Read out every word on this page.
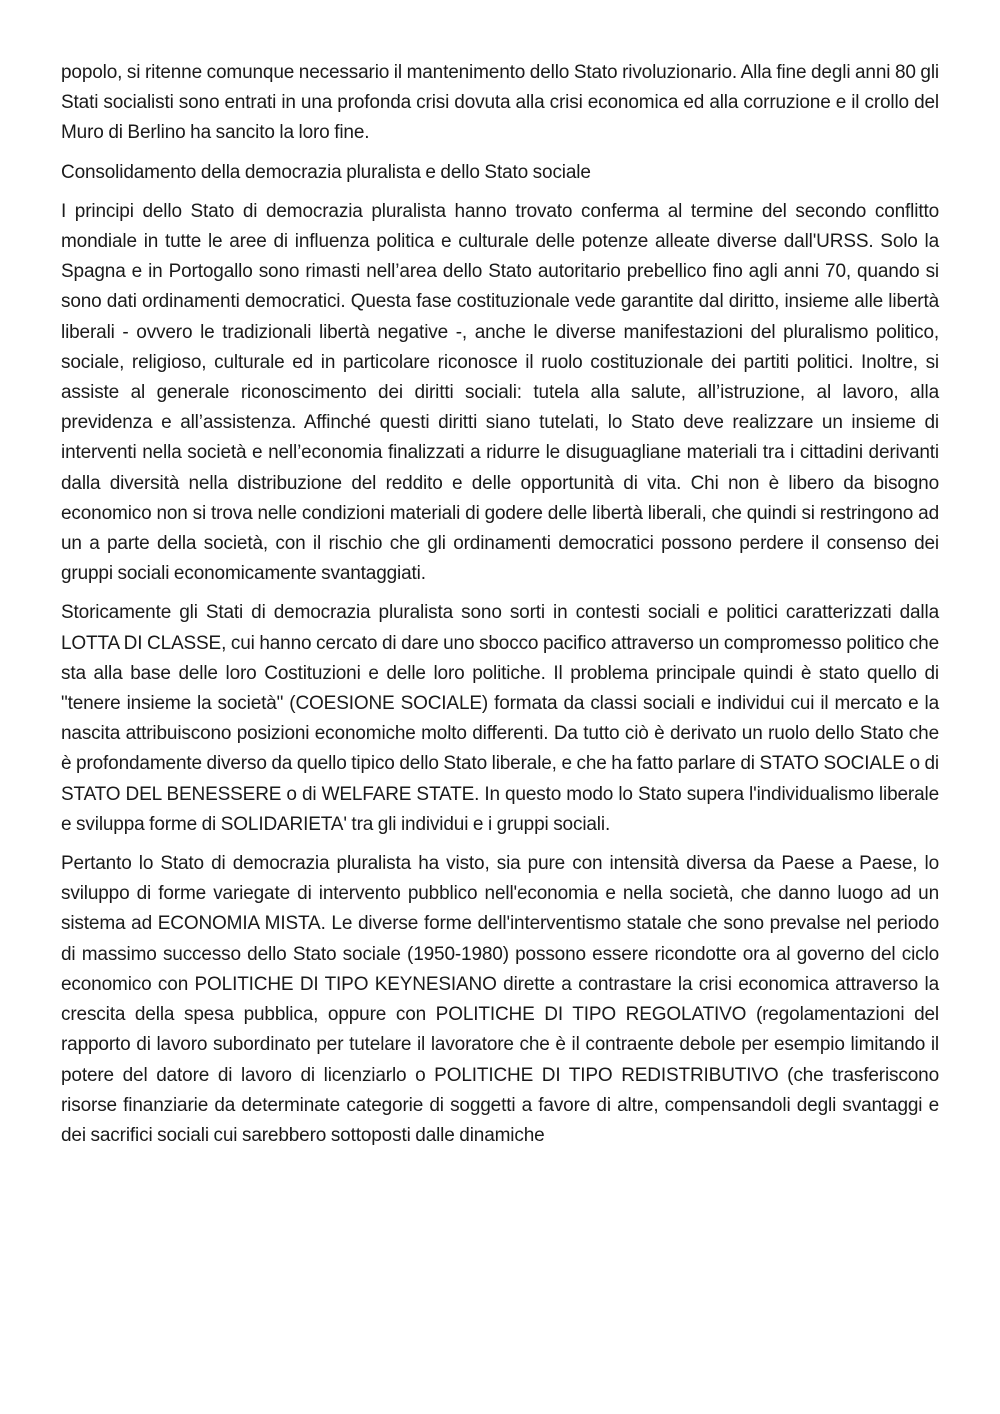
popolo, si ritenne comunque necessario il mantenimento dello Stato rivoluzionario. Alla fine degli anni 80 gli Stati socialisti sono entrati in una profonda crisi dovuta alla crisi economica ed alla corruzione e il crollo del Muro di Berlino ha sancito la loro fine.

Consolidamento della democrazia pluralista e dello Stato sociale

I principi dello Stato di democrazia pluralista hanno trovato conferma al termine del secondo conflitto mondiale in tutte le aree di influenza politica e culturale delle potenze alleate diverse dall'URSS. Solo la Spagna e in Portogallo sono rimasti nell’area dello Stato autoritario prebellico fino agli anni 70, quando si sono dati ordinamenti democratici. Questa fase costituzionale vede garantite dal diritto, insieme alle libertà liberali - ovvero le tradizionali libertà negative -, anche le diverse manifestazioni del pluralismo politico, sociale, religioso, culturale ed in particolare riconosce il ruolo costituzionale dei partiti politici. Inoltre, si assiste al generale riconoscimento dei diritti sociali: tutela alla salute, all’istruzione, al lavoro, alla previdenza e all’assistenza. Affinché questi diritti siano tutelati, lo Stato deve realizzare un insieme di interventi nella società e nell’economia finalizzati a ridurre le disuguagliane materiali tra i cittadini derivanti dalla diversità nella distribuzione del reddito e delle opportunità di vita. Chi non è libero da bisogno economico non si trova nelle condizioni materiali di godere delle libertà liberali, che quindi si restringono ad un a parte della società, con il rischio che gli ordinamenti democratici possono perdere il consenso dei gruppi sociali economicamente svantaggiati.

Storicamente gli Stati di democrazia pluralista sono sorti in contesti sociali e politici caratterizzati dalla LOTTA DI CLASSE, cui hanno cercato di dare uno sbocco pacifico attraverso un compromesso politico che sta alla base delle loro Costituzioni e delle loro politiche. Il problema principale quindi è stato quello di "tenere insieme la società" (COESIONE SOCIALE) formata da classi sociali e individui cui il mercato e la nascita attribuiscono posizioni economiche molto differenti. Da tutto ciò è derivato un ruolo dello Stato che è profondamente diverso da quello tipico dello Stato liberale, e che ha fatto parlare di STATO SOCIALE o di STATO DEL BENESSERE o di WELFARE STATE. In questo modo lo Stato supera l'individualismo liberale e sviluppa forme di SOLIDARIETA' tra gli individui e i gruppi sociali.

Pertanto lo Stato di democrazia pluralista ha visto, sia pure con intensità diversa da Paese a Paese, lo sviluppo di forme variegate di intervento pubblico nell'economia e nella società, che danno luogo ad un sistema ad ECONOMIA MISTA. Le diverse forme dell'interventismo statale che sono prevalse nel periodo di massimo successo dello Stato sociale (1950-1980) possono essere ricondotte ora al governo del ciclo economico con POLITICHE DI TIPO KEYNESIANO dirette a contrastare la crisi economica attraverso la crescita della spesa pubblica, oppure con POLITICHE DI TIPO REGOLATIVO (regolamentazioni del rapporto di lavoro subordinato per tutelare il lavoratore che è il contraente debole per esempio limitando il potere del datore di lavoro di licenziarlo o POLITICHE DI TIPO REDISTRIBUTIVO (che trasferiscono risorse finanziarie da determinate categorie di soggetti a favore di altre, compensandoli degli svantaggi e dei sacrifici sociali cui sarebbero sottoposti dalle dinamiche
